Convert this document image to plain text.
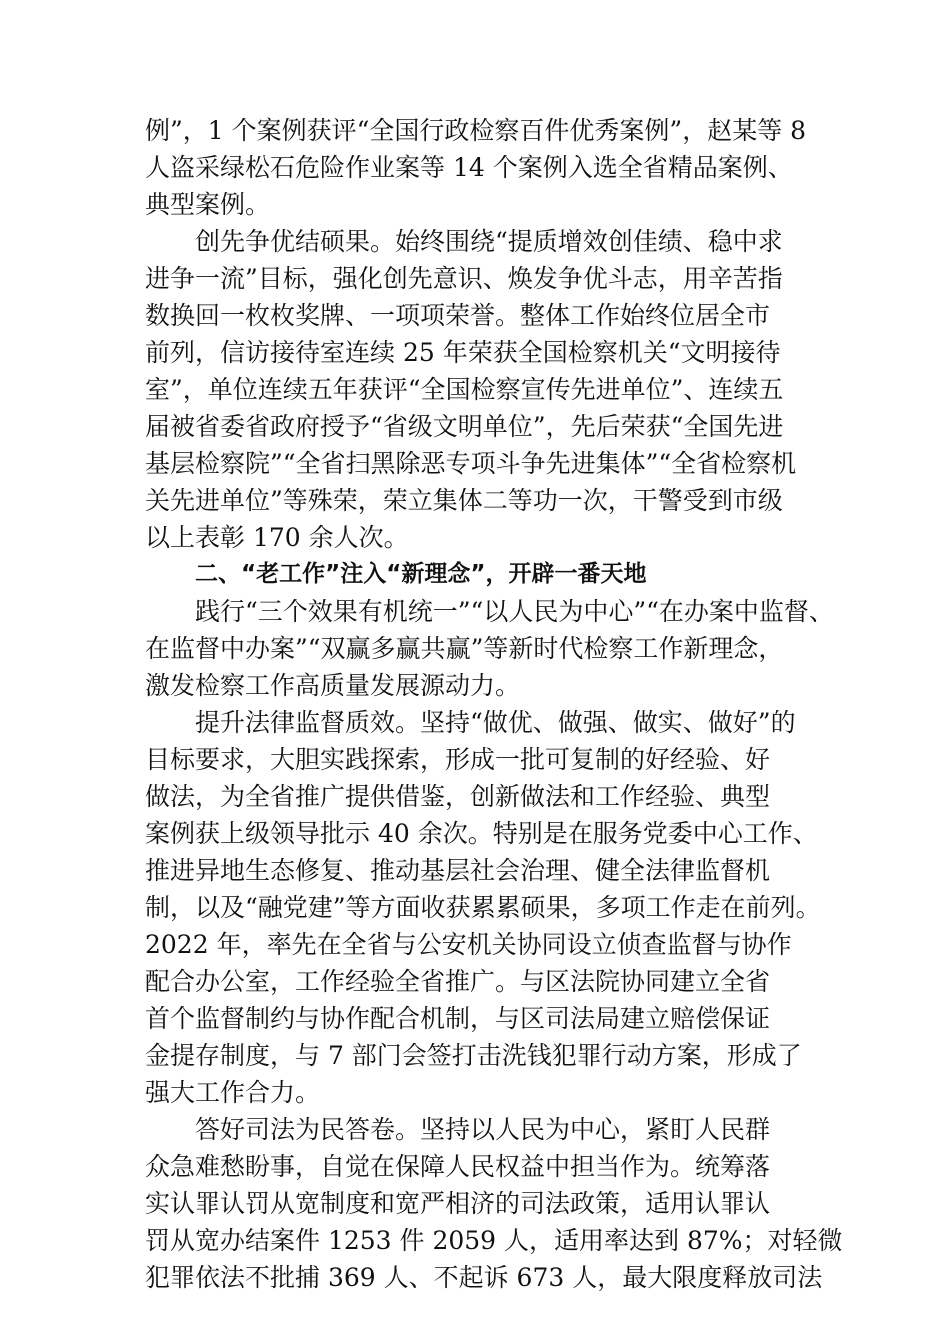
例”，1 个案例获评“全国行政检察百件优秀案例”，赵某等 8
人盗采绿松石危险作业案等 14 个案例入选全省精品案例、
典型案例。
创先争优结硕果。始终围绕“提质增效创佳绩、稳中求
进争一流”目标，强化创先意识、焕发争优斗志，用辛苦指
数换回一枚枚奖牌、一项项荣誉。整体工作始终位居全市
前列，信访接待室连续 25 年荣获全国检察机关“文明接待
室”，单位连续五年获评“全国检察宣传先进单位”、连续五
届被省委省政府授予“省级文明单位”，先后荣获“全国先进
基层检察院”“全省扫黑除恶专项斗争先进集体”“全省检察机
关先进单位”等殊荣，荣立集体二等功一次，干警受到市级
以上表彰 170 余人次。
二、“老工作”注入“新理念”，开辟一番天地
践行“三个效果有机统一”“以人民为中心”“在办案中监督、
在监督中办案”“双赢多赢共赢”等新时代检察工作新理念，
激发检察工作高质量发展源动力。
提升法律监督质效。坚持“做优、做强、做实、做好”的
目标要求，大胆实践探索，形成一批可复制的好经验、好
做法，为全省推广提供借鉴，创新做法和工作经验、典型
案例获上级领导批示 40 余次。特别是在服务党委中心工作、
推进异地生态修复、推动基层社会治理、健全法律监督机
制，以及“融党建”等方面收获累累硕果，多项工作走在前列。
2022 年，率先在全省与公安机关协同设立侦查监督与协作
配合办公室，工作经验全省推广。与区法院协同建立全省
首个监督制约与协作配合机制，与区司法局建立赔偿保证
金提存制度，与 7 部门会签打击洗钱犯罪行动方案，形成了
强大工作合力。
答好司法为民答卷。坚持以人民为中心，紧盯人民群
众急难愁盼事，自觉在保障人民权益中担当作为。统筹落
实认罪认罚从宽制度和宽严相济的司法政策，适用认罪认
罚从宽办结案件 1253 件 2059 人，适用率达到 87%；对轻微
犯罪依法不批捕 369 人、不起诉 673 人，最大限度释放司法
